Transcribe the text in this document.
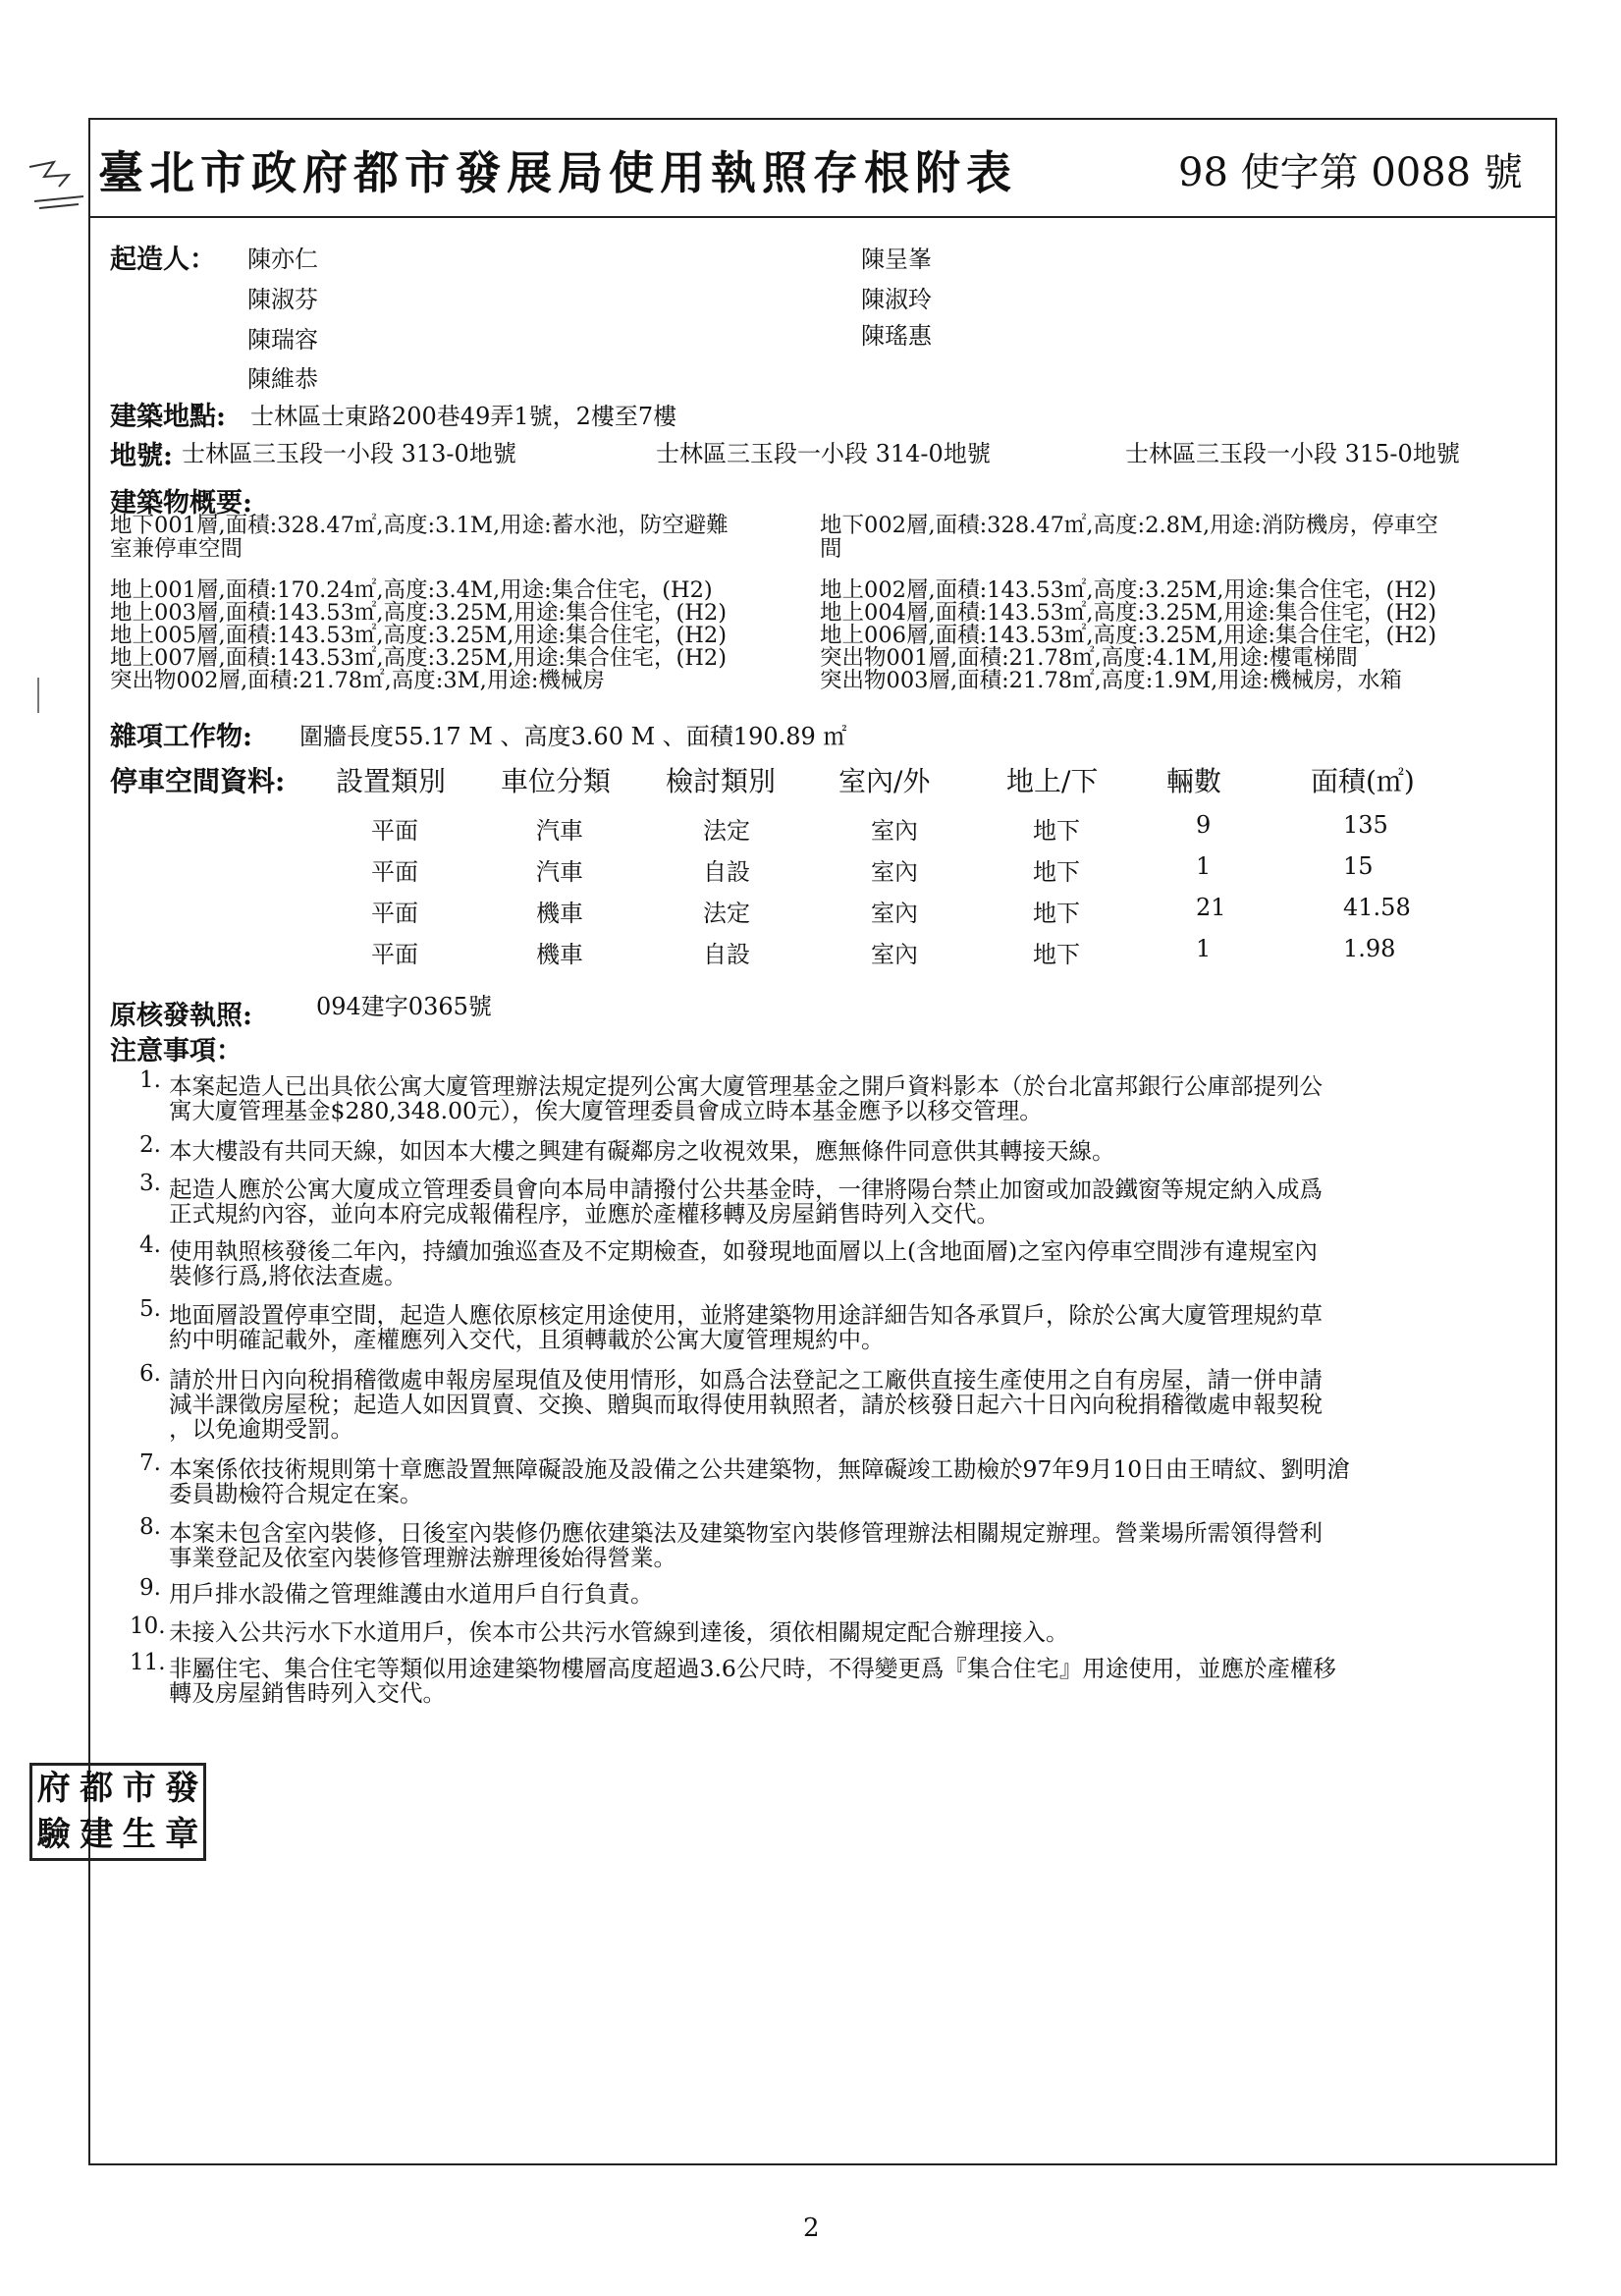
臺北市政府都市發展局使用執照存根附表	98 使字第 0088 號
起造人： 陳亦仁
陳淑芬
陳瑞容
陳維恭
陳呈峯
陳淑玲
陳瑤惠
建築地點: 士林區士東路200巷49弄1號，2樓至7樓
地號: 士林區三玉段一小段 313-0地號	士林區三玉段一小段 314-0地號	士林區三玉段一小段 315-0地號
建築物概要:
地下001層,面積:328.47㎡,高度:3.1M,用途:蓄水池，防空避難
室兼停車空間
地上001層,面積:170.24㎡,高度:3.4M,用途:集合住宅，(H2)
地上003層,面積:143.53㎡,高度:3.25M,用途:集合住宅，(H2)
地上005層,面積:143.53㎡,高度:3.25M,用途:集合住宅，(H2)
地上007層,面積:143.53㎡,高度:3.25M,用途:集合住宅，(H2)
突出物002層,面積:21.78㎡,高度:3M,用途:機械房
地下002層,面積:328.47㎡,高度:2.8M,用途:消防機房，停車空
間
地上002層,面積:143.53㎡,高度:3.25M,用途:集合住宅，(H2)
地上004層,面積:143.53㎡,高度:3.25M,用途:集合住宅，(H2)
地上006層,面積:143.53㎡,高度:3.25M,用途:集合住宅，(H2)
突出物001層,面積:21.78㎡,高度:4.1M,用途:樓電梯間
突出物003層,面積:21.78㎡,高度:1.9M,用途:機械房，水箱
雜項工作物: 圍牆長度55.17 M 、高度3.60 M 、面積190.89 ㎡
停車空間資料: 設置類別 車位分類 檢討類別 室內/外	地上/下 輛數	面積(㎡)
平面	汽車	法定	室內	地下	9	135
平面	汽車	自設	室內	地下	1	15
平面	機車	法定	室內	地下	21	41.58
平面	機車	自設	室內	地下	1	1.98
原核發執照:	094建字0365號
注意事項：
1. 本案起造人已出具依公寓大廈管理辦法規定提列公寓大廈管理基金之開戶資料影本（於台北富邦銀行公庫部提列公
寓大廈管理基金$280,348.00元），俟大廈管理委員會成立時本基金應予以移交管理。
2. 本大樓設有共同天線，如因本大樓之興建有礙鄰房之收視效果，應無條件同意供其轉接天線。
3. 起造人應於公寓大廈成立管理委員會向本局申請撥付公共基金時，一律將陽台禁止加窗或加設鐵窗等規定納入成爲
正式規約內容，並向本府完成報備程序，並應於產權移轉及房屋銷售時列入交代。
4. 使用執照核發後二年內，持續加強巡查及不定期檢查，如發現地面層以上(含地面層)之室內停車空間涉有違規室內
裝修行爲,將依法查處。
5. 地面層設置停車空間，起造人應依原核定用途使用，並將建築物用途詳細告知各承買戶，除於公寓大廈管理規約草
約中明確記載外，產權應列入交代，且須轉載於公寓大廈管理規約中。
6. 請於卅日內向稅捐稽徵處申報房屋現值及使用情形，如爲合法登記之工廠供直接生產使用之自有房屋，請一併申請
減半課徵房屋稅；起造人如因買賣、交換、贈與而取得使用執照者，請於核發日起六十日內向稅捐稽徵處申報契稅
，以免逾期受罰。
7. 本案係依技術規則第十章應設置無障礙設施及設備之公共建築物，無障礙竣工勘檢於97年9月10日由王晴紋、劉明滄
委員勘檢符合規定在案。
8. 本案未包含室內裝修，日後室內裝修仍應依建築法及建築物室內裝修管理辦法相關規定辦理。營業場所需領得營利
事業登記及依室內裝修管理辦法辦理後始得營業。
9. 用戶排水設備之管理維護由水道用戶自行負責。
10. 未接入公共污水下水道用戶，俟本市公共污水管線到達後，須依相關規定配合辦理接入。
11. 非屬住宅、集合住宅等類似用途建築物樓層高度超過3.6公尺時，不得變更爲『集合住宅』用途使用，並應於產權移
轉及房屋銷售時列入交代。
府 都 市 發
驗 建 生 章
2
